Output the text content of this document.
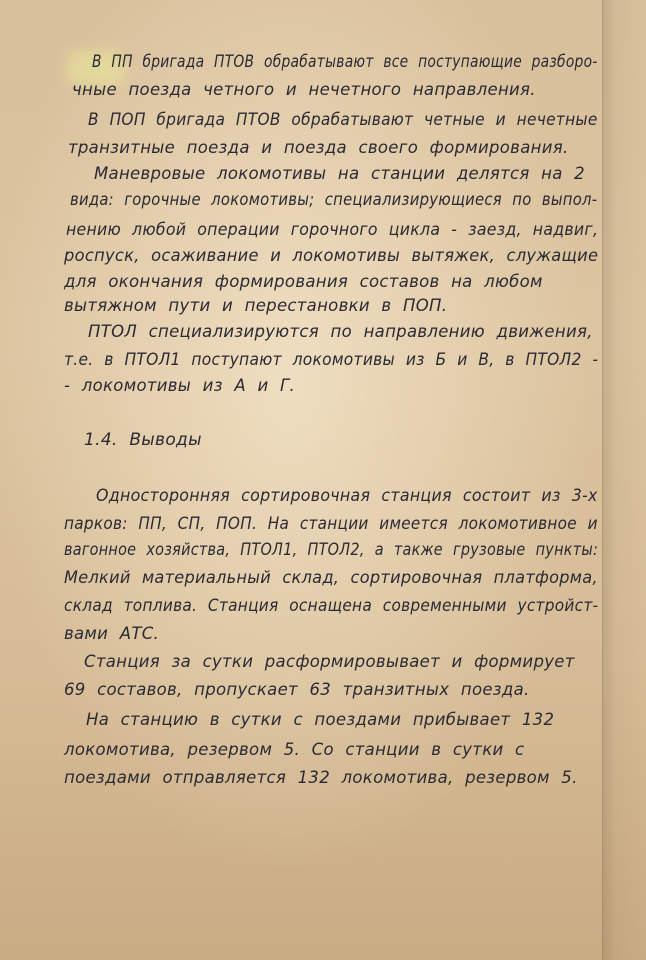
В ПП бригада ПТОВ обрабатывают все поступающие разборо-
чные поезда четного и нечетного направления.
В ПОП бригада ПТОВ обрабатывают четные и нечетные
транзитные поезда и поезда своего формирования.
Маневровые локомотивы на станции делятся на 2
вида: горочные локомотивы; специализирующиеся по выпол-
нению любой операции горочного цикла - заезд, надвиг,
роспуск, осаживание и локомотивы вытяжек, служащие
для окончания формирования составов на любом
вытяжном пути и перестановки в ПОП.
ПТОЛ специализируются по направлению движения,
т.е. в ПТОЛ1 поступают локомотивы из Б и В, в ПТОЛ2 -
- локомотивы из А и Г.
1.4. Выводы
Односторонняя сортировочная станция состоит из 3-х
парков: ПП, СП, ПОП. На станции имеется локомотивное и
вагонное хозяйства, ПТОЛ1, ПТОЛ2, а также грузовые пункты:
Мелкий материальный склад, сортировочная платформа,
склад топлива. Станция оснащена современными устройст-
вами АТС.
Станция за сутки расформировывает и формирует
69 составов, пропускает 63 транзитных поезда.
На станцию в сутки с поездами прибывает 132
локомотива, резервом 5. Со станции в сутки с
поездами отправляется 132 локомотива, резервом 5.
